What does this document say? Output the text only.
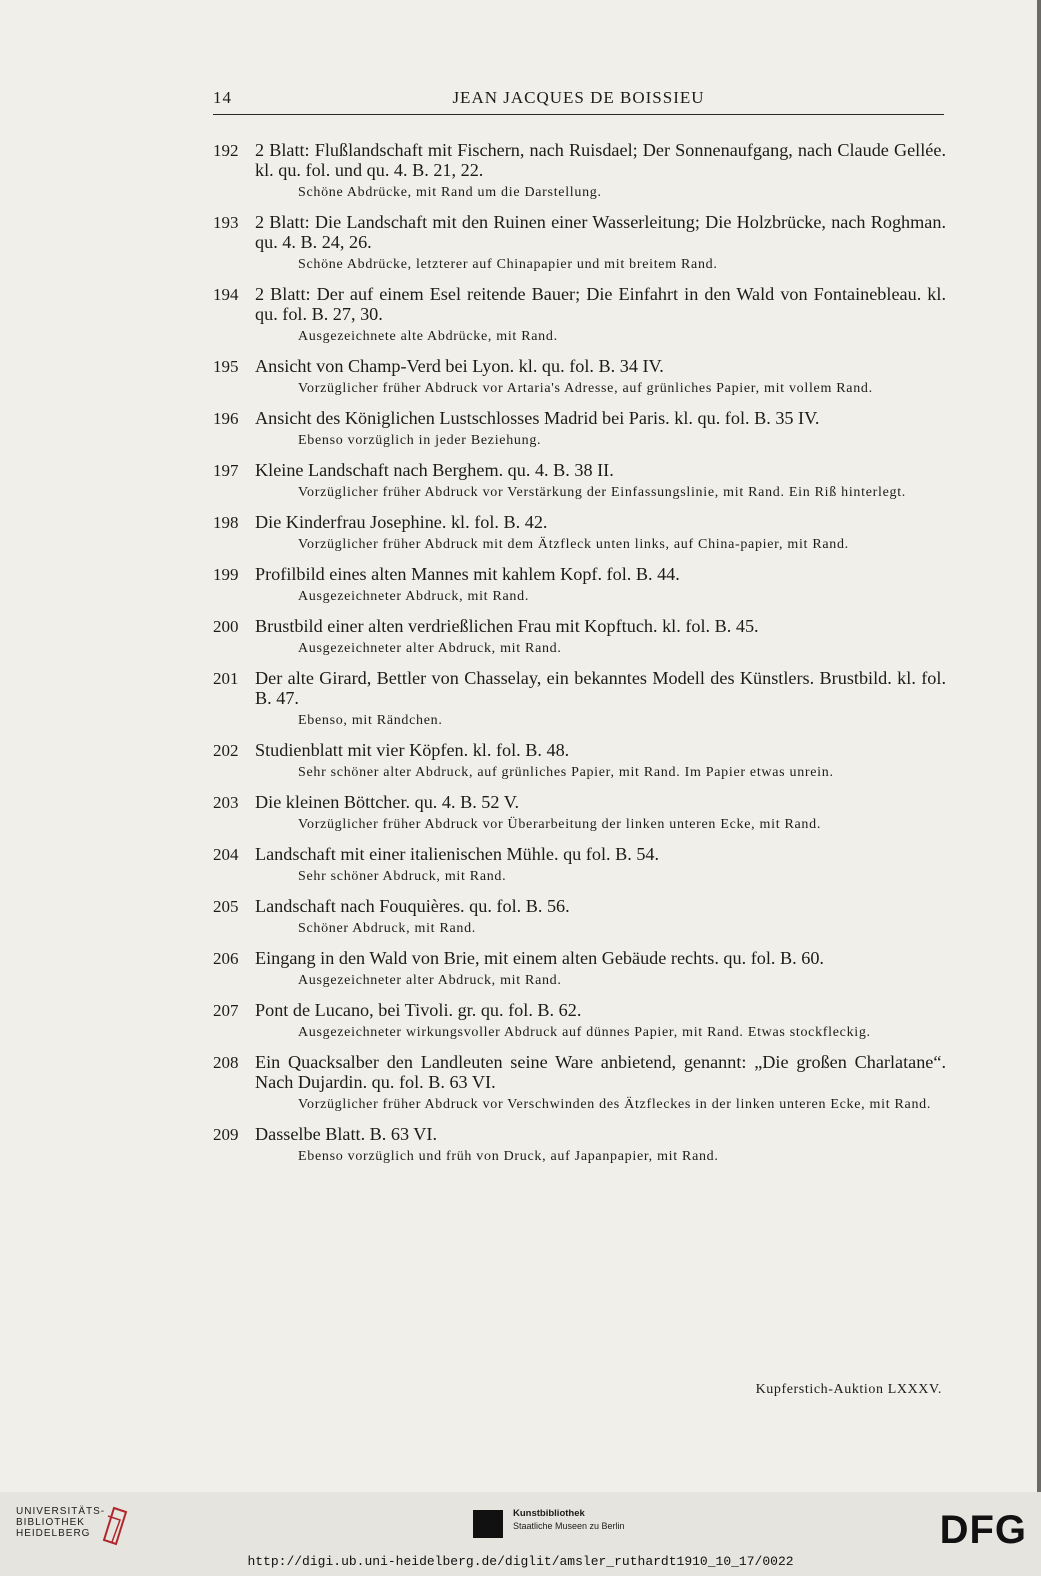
14	JEAN JACQUES DE BOISSIEU
192 2 Blatt: Flußlandschaft mit Fischern, nach Ruisdael; Der Sonnenaufgang, nach Claude Gellée. kl. qu. fol. und qu. 4. B. 21, 22.
Schöne Abdrücke, mit Rand um die Darstellung.
193 2 Blatt: Die Landschaft mit den Ruinen einer Wasserleitung; Die Holzbrücke, nach Roghman. qu. 4. B. 24, 26.
Schöne Abdrücke, letzterer auf Chinapapier und mit breitem Rand.
194 2 Blatt: Der auf einem Esel reitende Bauer; Die Einfahrt in den Wald von Fontainebleau. kl. qu. fol. B. 27, 30.
Ausgezeichnete alte Abdrücke, mit Rand.
195 Ansicht von Champ-Verd bei Lyon. kl. qu. fol. B. 34 IV.
Vorzüglicher früher Abdruck vor Artaria's Adresse, auf grünliches Papier, mit vollem Rand.
196 Ansicht des Königlichen Lustschlosses Madrid bei Paris. kl. qu. fol. B. 35 IV.
Ebenso vorzüglich in jeder Beziehung.
197 Kleine Landschaft nach Berghem. qu. 4. B. 38 II.
Vorzüglicher früher Abdruck vor Verstärkung der Einfassungslinie, mit Rand. Ein Riß hinterlegt.
198 Die Kinderfrau Josephine. kl. fol. B. 42.
Vorzüglicher früher Abdruck mit dem Ätzfleck unten links, auf China-papier, mit Rand.
199 Profilbild eines alten Mannes mit kahlem Kopf. fol. B. 44.
Ausgezeichneter Abdruck, mit Rand.
200 Brustbild einer alten verdrießlichen Frau mit Kopftuch. kl. fol. B. 45.
Ausgezeichneter alter Abdruck, mit Rand.
201 Der alte Girard, Bettler von Chasselay, ein bekanntes Modell des Künstlers. Brustbild. kl. fol. B. 47.
Ebenso, mit Rändchen.
202 Studienblatt mit vier Köpfen. kl. fol. B. 48.
Sehr schöner alter Abdruck, auf grünliches Papier, mit Rand. Im Papier etwas unrein.
203 Die kleinen Böttcher. qu. 4. B. 52 V.
Vorzüglicher früher Abdruck vor Überarbeitung der linken unteren Ecke, mit Rand.
204 Landschaft mit einer italienischen Mühle. qu fol. B. 54.
Sehr schöner Abdruck, mit Rand.
205 Landschaft nach Fouquières. qu. fol. B. 56.
Schöner Abdruck, mit Rand.
206 Eingang in den Wald von Brie, mit einem alten Gebäude rechts. qu. fol. B. 60.
Ausgezeichneter alter Abdruck, mit Rand.
207 Pont de Lucano, bei Tivoli. gr. qu. fol. B. 62.
Ausgezeichneter wirkungsvoller Abdruck auf dünnes Papier, mit Rand. Etwas stockfleckig.
208 Ein Quacksalber den Landleuten seine Ware anbietend, genannt: „Die großen Charlatane“. Nach Dujardin. qu. fol. B. 63 VI.
Vorzüglicher früher Abdruck vor Verschwinden des Ätzfleckes in der linken unteren Ecke, mit Rand.
209 Dasselbe Blatt. B. 63 VI.
Ebenso vorzüglich und früh von Druck, auf Japanpapier, mit Rand.
Kupferstich-Auktion LXXXV.
UNIVERSITÄTS-
BIBLIOTHEK
HEIDELBERG
Kunstbibliothek
Staatliche Museen zu Berlin	DFG
http://digi.ub.uni-heidelberg.de/diglit/amsler_ruthardt1910_10_17/0022
